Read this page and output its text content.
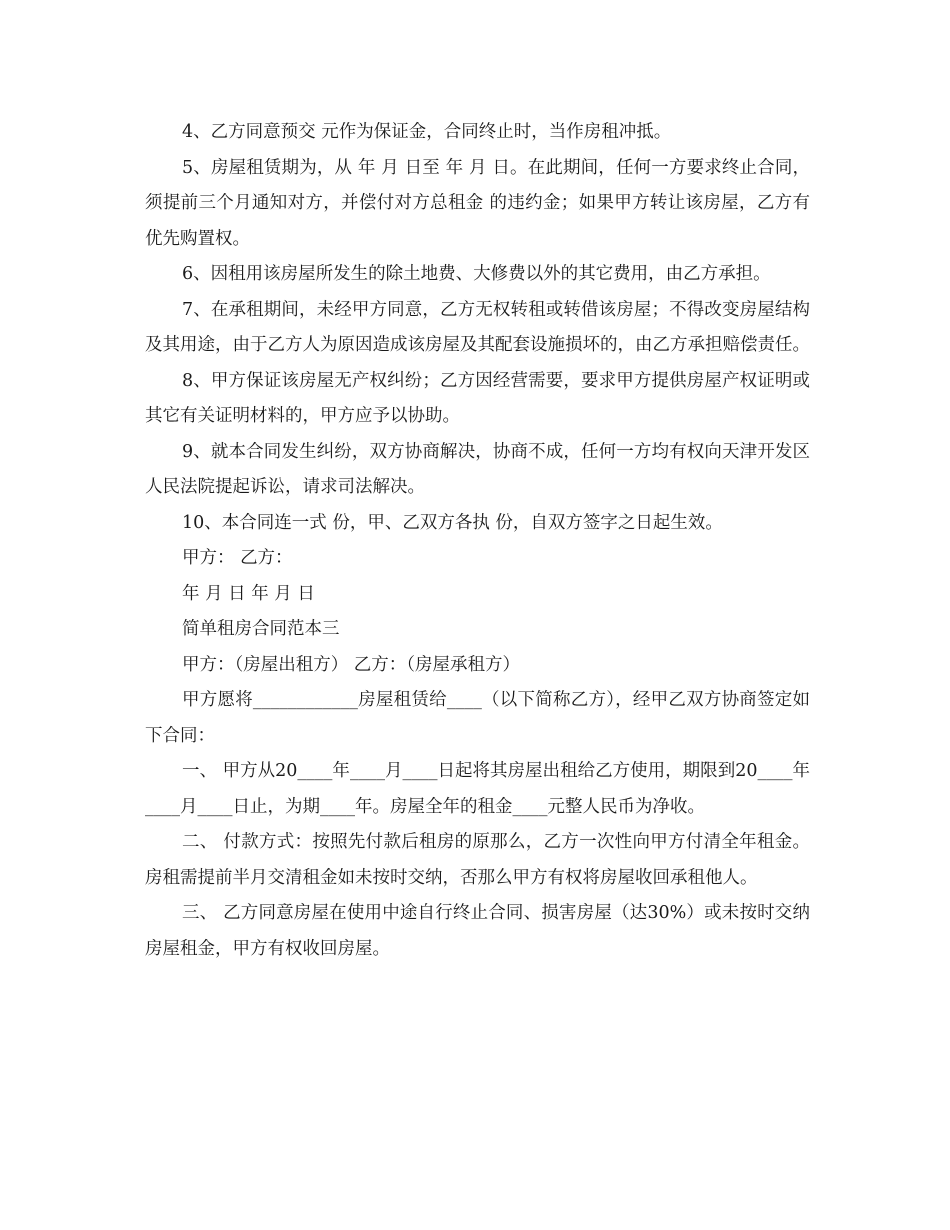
4、乙方同意预交 元作为保证金，合同终止时，当作房租冲抵。

5、房屋租赁期为，从 年 月 日至 年 月 日。在此期间，任何一方要求终止合同，须提前三个月通知对方，并偿付对方总租金 的违约金；如果甲方转让该房屋，乙方有优先购置权。

6、因租用该房屋所发生的除土地费、大修费以外的其它费用，由乙方承担。

7、在承租期间，未经甲方同意，乙方无权转租或转借该房屋；不得改变房屋结构及其用途，由于乙方人为原因造成该房屋及其配套设施损坏的，由乙方承担赔偿责任。

8、甲方保证该房屋无产权纠纷；乙方因经营需要，要求甲方提供房屋产权证明或其它有关证明材料的，甲方应予以协助。

9、就本合同发生纠纷，双方协商解决，协商不成，任何一方均有权向天津开发区人民法院提起诉讼，请求司法解决。

10、本合同连一式 份，甲、乙双方各执 份，自双方签字之日起生效。

甲方： 乙方：

年 月 日 年 月 日

简单租房合同范本三

甲方：（房屋出租方） 乙方：（房屋承租方）

甲方愿将____________房屋租赁给____（以下简称乙方），经甲乙双方协商签定如下合同：

一、 甲方从20____年____月____日起将其房屋出租给乙方使用，期限到20____年____月____日止，为期____年。房屋全年的租金____元整人民币为净收。

二、 付款方式：按照先付款后租房的原那么，乙方一次性向甲方付清全年租金。房租需提前半月交清租金如未按时交纳，否那么甲方有权将房屋收回承租他人。

三、 乙方同意房屋在使用中途自行终止合同、损害房屋（达30%）或未按时交纳房屋租金，甲方有权收回房屋。
